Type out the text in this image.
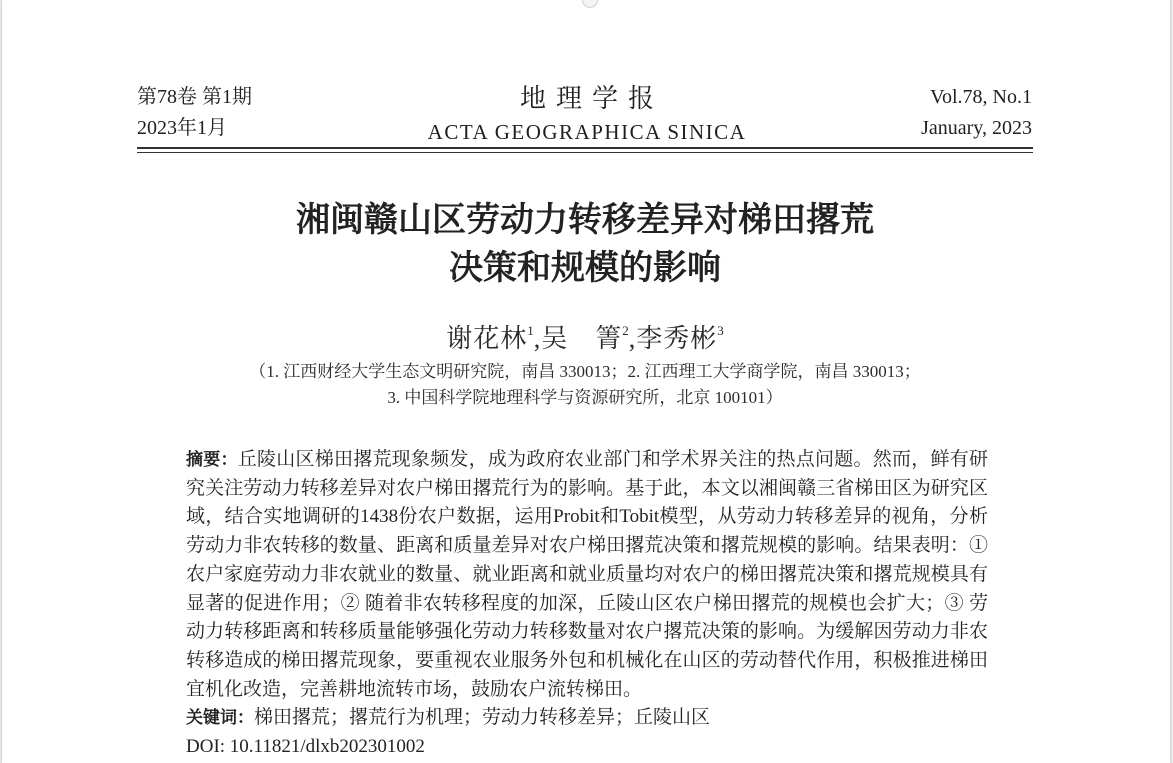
第78卷 第1期
2023年1月
地理学报
ACTA GEOGRAPHICA SINICA
Vol.78, No.1
January, 2023
湘闽赣山区劳动力转移差异对梯田撂荒
决策和规模的影响
谢花林$^1$,吴　箐$^2$,李秀彬$^3$
（1. 江西财经大学生态文明研究院，南昌 330013；2. 江西理工大学商学院，南昌 330013；
3. 中国科学院地理科学与资源研究所，北京 100101）
摘要：丘陵山区梯田撂荒现象频发，成为政府农业部门和学术界关注的热点问题。然而，鲜有研究关注劳动力转移差异对农户梯田撂荒行为的影响。基于此，本文以湘闽赣三省梯田区为研究区域，结合实地调研的1438份农户数据，运用Probit和Tobit模型，从劳动力转移差异的视角，分析劳动力非农转移的数量、距离和质量差异对农户梯田撂荒决策和撂荒规模的影响。结果表明：① 农户家庭劳动力非农就业的数量、就业距离和就业质量均对农户的梯田撂荒决策和撂荒规模具有显著的促进作用；② 随着非农转移程度的加深，丘陵山区农户梯田撂荒的规模也会扩大；③ 劳动力转移距离和转移质量能够强化劳动力转移数量对农户撂荒决策的影响。为缓解因劳动力非农转移造成的梯田撂荒现象，要重视农业服务外包和机械化在山区的劳动替代作用，积极推进梯田宜机化改造，完善耕地流转市场，鼓励农户流转梯田。
关键词：梯田撂荒；撂荒行为机理；劳动力转移差异；丘陵山区
DOI: 10.11821/dlxb202301002
